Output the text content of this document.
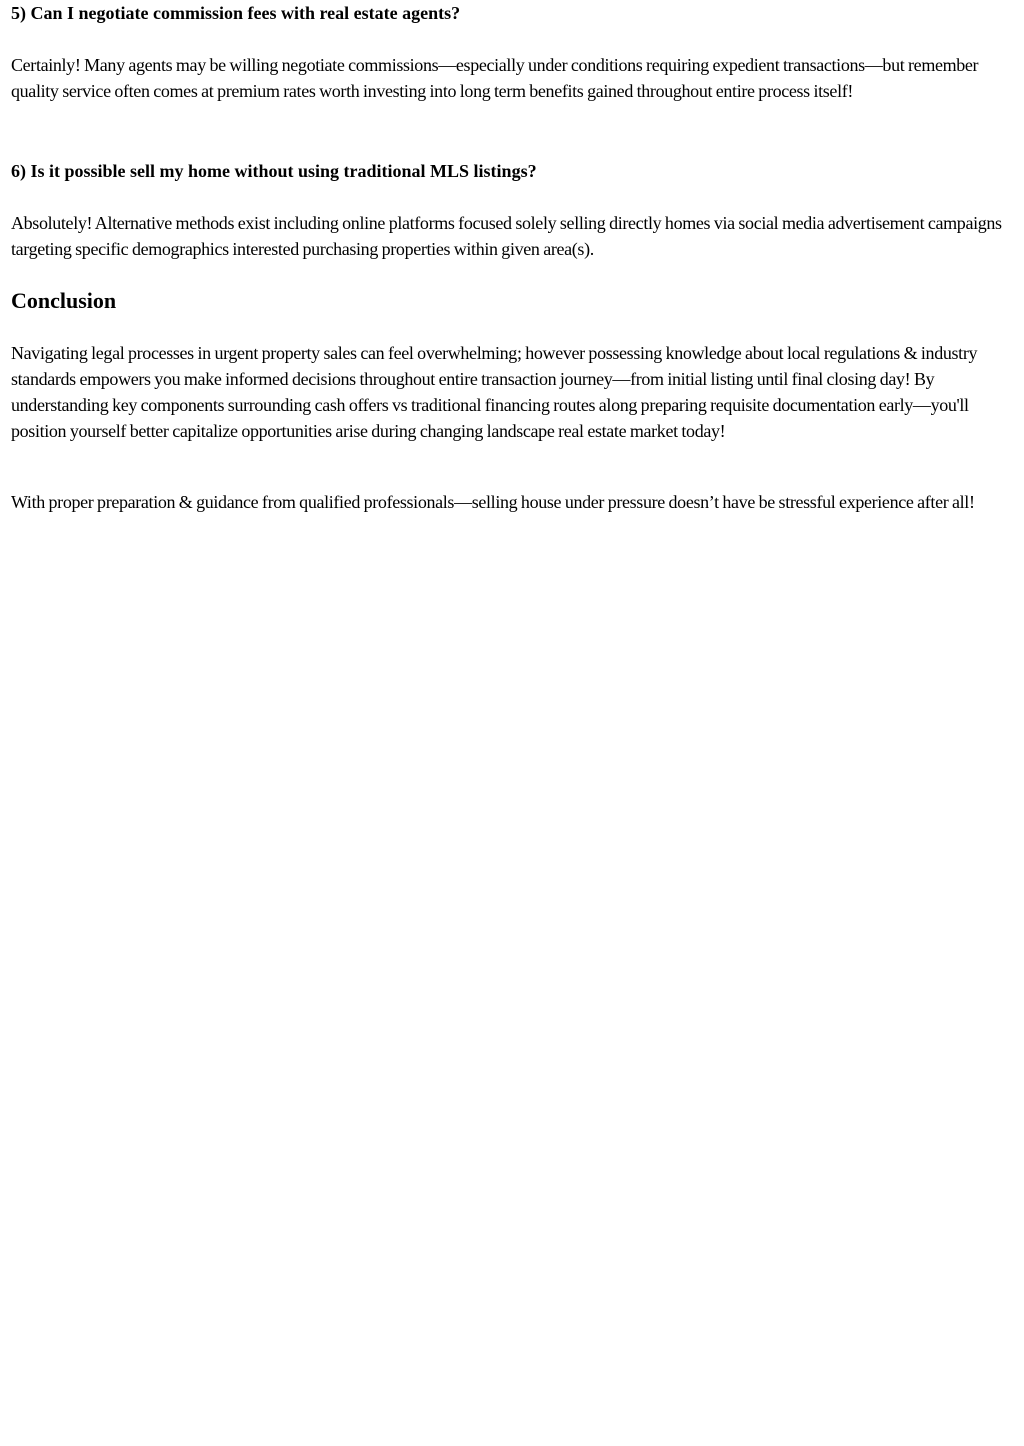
5) Can I negotiate commission fees with real estate agents?

Certainly! Many agents may be willing negotiate commissions—especially under conditions requiring expedient transactions—but remember quality service often comes at premium rates worth investing into long term benefits gained throughout entire process itself!

6) Is it possible sell my home without using traditional MLS listings?

Absolutely! Alternative methods exist including online platforms focused solely selling directly homes via social media advertisement campaigns targeting specific demographics interested purchasing properties within given area(s).

Conclusion

Navigating legal processes in urgent property sales can feel overwhelming; however possessing knowledge about local regulations & industry standards empowers you make informed decisions throughout entire transaction journey—from initial listing until final closing day! By understanding key components surrounding cash offers vs traditional financing routes along preparing requisite documentation early—you'll position yourself better capitalize opportunities arise during changing landscape real estate market today!

With proper preparation & guidance from qualified professionals—selling house under pressure doesn’t have be stressful experience after all!
